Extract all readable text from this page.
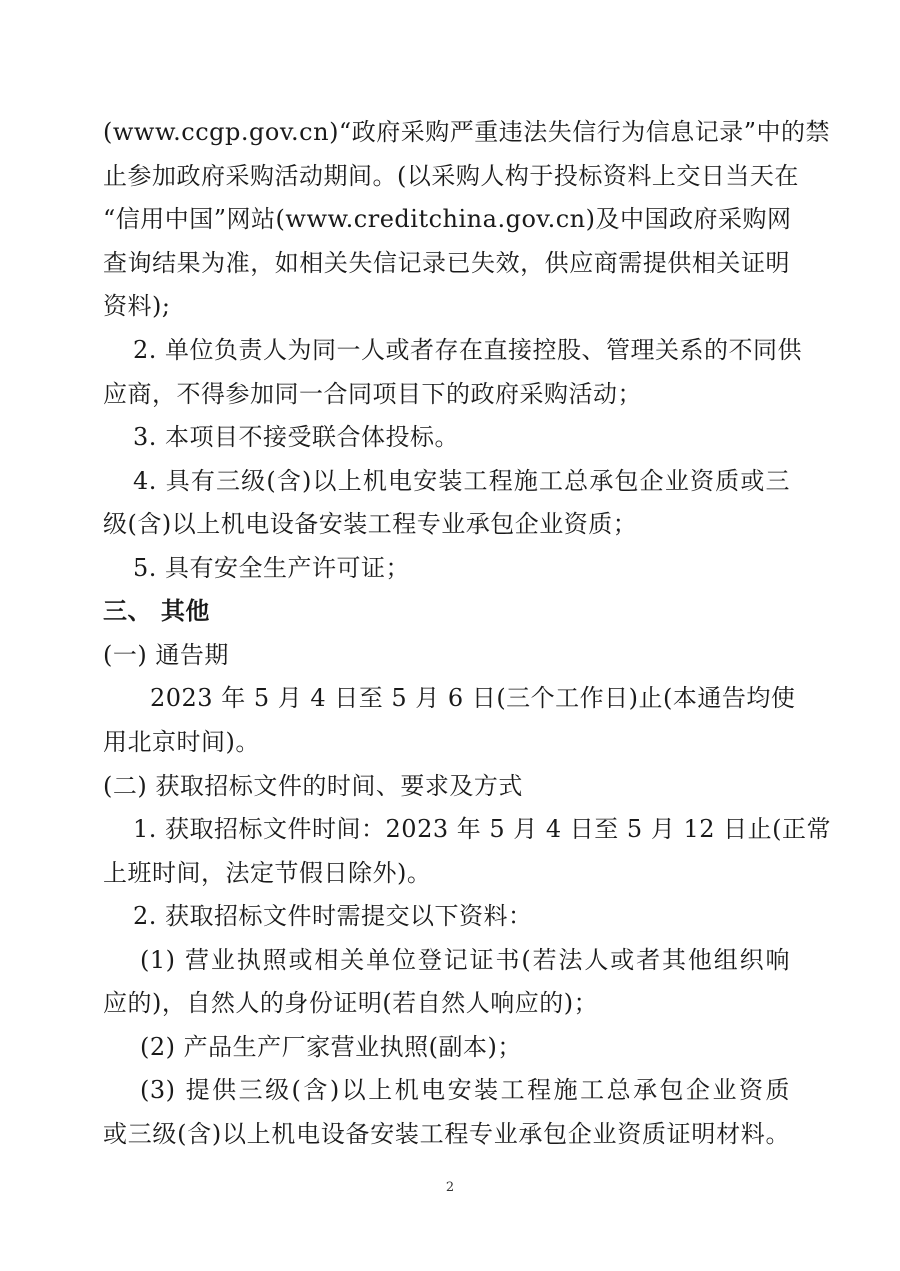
(www.ccgp.gov.cn)“政府采购严重违法失信行为信息记录”中的禁
止参加政府采购活动期间。(以采购人构于投标资料上交日当天在
“信用中国”网站(www.creditchina.gov.cn)及中国政府采购网
查询结果为准，如相关失信记录已失效，供应商需提供相关证明
资料);
2. 单位负责人为同一人或者存在直接控股、管理关系的不同供
应商，不得参加同一合同项目下的政府采购活动；
3. 本项目不接受联合体投标。
4. 具有三级(含)以上机电安装工程施工总承包企业资质或三
级(含)以上机电设备安装工程专业承包企业资质；
5. 具有安全生产许可证；
三、 其他
(一) 通告期
2023 年 5 月 4 日至 5 月 6 日(三个工作日)止(本通告均使
用北京时间)。
(二) 获取招标文件的时间、要求及方式
1. 获取招标文件时间：2023 年 5 月 4 日至 5 月 12 日止(正常
上班时间，法定节假日除外)。
2. 获取招标文件时需提交以下资料：
(1) 营业执照或相关单位登记证书(若法人或者其他组织响
应的)，自然人的身份证明(若自然人响应的)；
(2) 产品生产厂家营业执照(副本)；
(3) 提供三级(含)以上机电安装工程施工总承包企业资质
或三级(含)以上机电设备安装工程专业承包企业资质证明材料。
2
